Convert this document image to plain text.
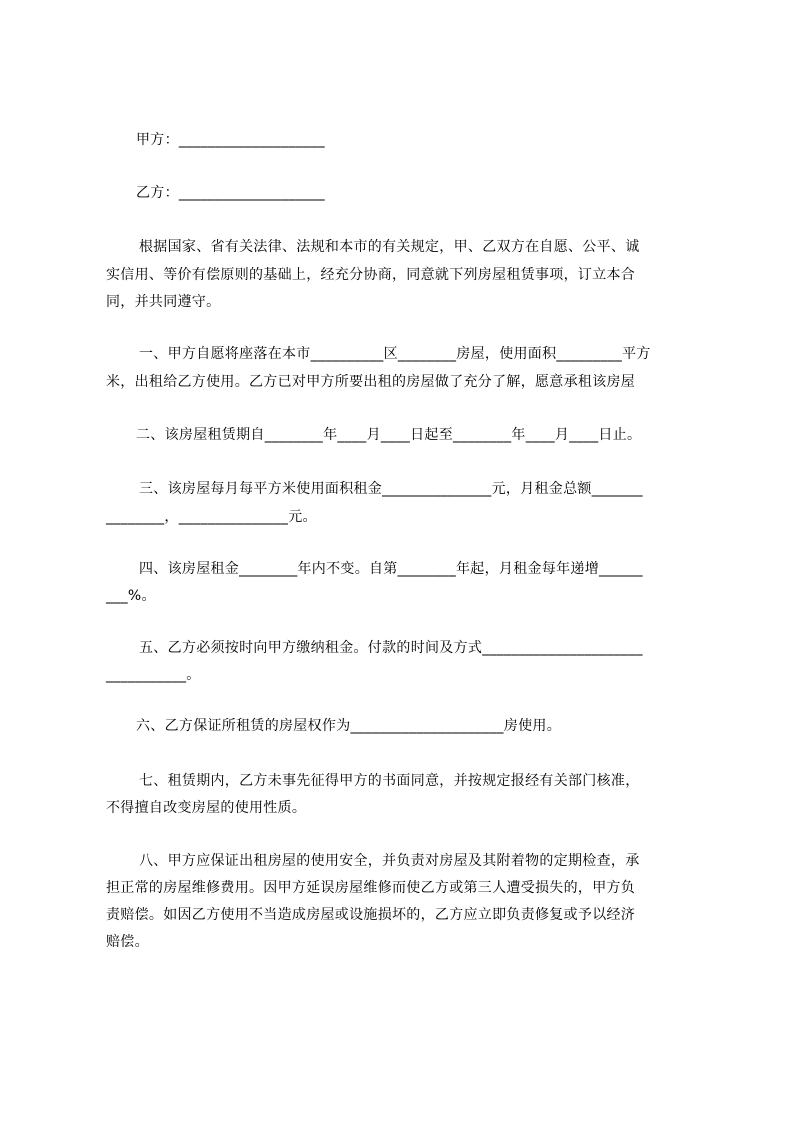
甲方：____________________
乙方：____________________
根据国家、省有关法律、法规和本市的有关规定，甲、乙双方在自愿、公平、诚
实信用、等价有偿原则的基础上，经充分协商，同意就下列房屋租赁事项，订立本合
同，并共同遵守。
一、甲方自愿将座落在本市__________区________房屋，使用面积_________平方
米，出租给乙方使用。乙方已对甲方所要出租的房屋做了充分了解，愿意承租该房屋
二、该房屋租赁期自________年____月____日起至________年____月____日止。
三、该房屋每月每平方米使用面积租金_______________元，月租金总额_______
________，_______________元。
四、该房屋租金________年内不变。自第________年起，月租金每年递增______
___%。
五、乙方必须按时向甲方缴纳租金。付款的时间及方式______________________
___________。
六、乙方保证所租赁的房屋权作为_____________________房使用。
七、租赁期内，乙方未事先征得甲方的书面同意，并按规定报经有关部门核准，
不得擅自改变房屋的使用性质。
八、甲方应保证出租房屋的使用安全，并负责对房屋及其附着物的定期检查，承
担正常的房屋维修费用。因甲方延误房屋维修而使乙方或第三人遭受损失的，甲方负
责赔偿。如因乙方使用不当造成房屋或设施损坏的，乙方应立即负责修复或予以经济
赔偿。
